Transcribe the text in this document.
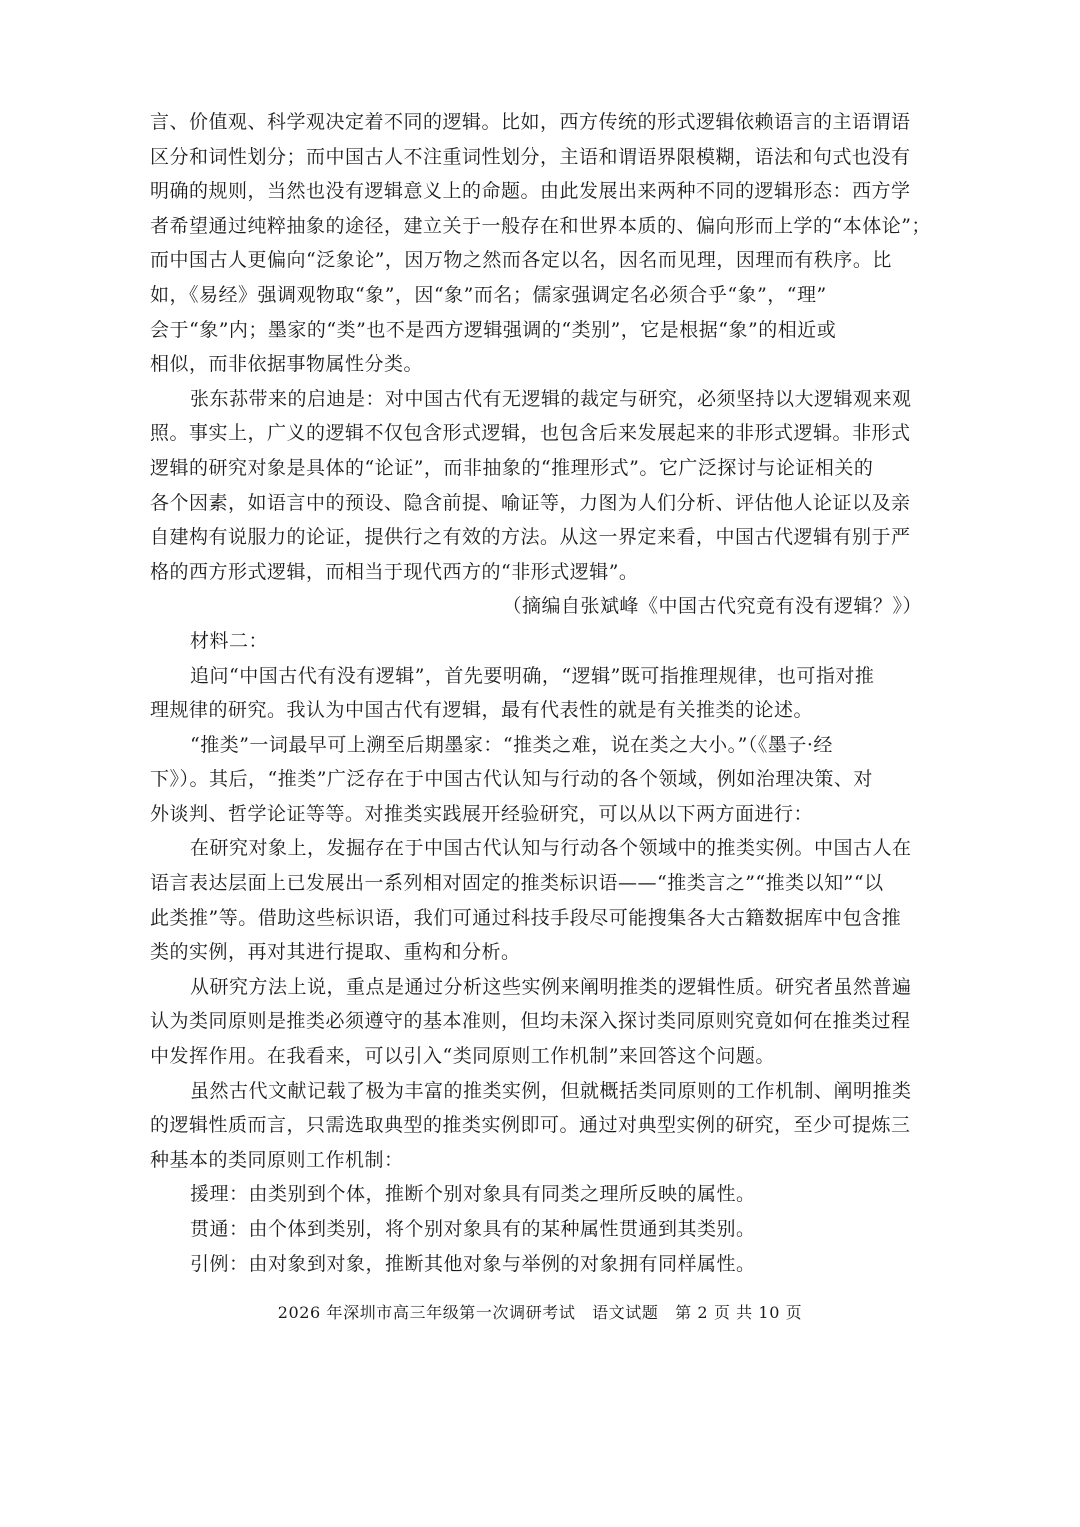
言、价值观、科学观决定着不同的逻辑。比如，西方传统的形式逻辑依赖语言的主语谓语
区分和词性划分；而中国古人不注重词性划分，主语和谓语界限模糊，语法和句式也没有
明确的规则，当然也没有逻辑意义上的命题。由此发展出来两种不同的逻辑形态：西方学
者希望通过纯粹抽象的途径，建立关于一般存在和世界本质的、偏向形而上学的“本体论”；
而中国古人更偏向“泛象论”，因万物之然而各定以名，因名而见理，因理而有秩序。比
如，《易经》强调观物取“象”，因“象”而名；儒家强调定名必须合乎“象”，“理”
会于“象”内；墨家的“类”也不是西方逻辑强调的“类别”，它是根据“象”的相近或
相似，而非依据事物属性分类。
张东荪带来的启迪是：对中国古代有无逻辑的裁定与研究，必须坚持以大逻辑观来观
照。事实上，广义的逻辑不仅包含形式逻辑，也包含后来发展起来的非形式逻辑。非形式
逻辑的研究对象是具体的“论证”，而非抽象的“推理形式”。它广泛探讨与论证相关的
各个因素，如语言中的预设、隐含前提、喻证等，力图为人们分析、评估他人论证以及亲
自建构有说服力的论证，提供行之有效的方法。从这一界定来看，中国古代逻辑有别于严
格的西方形式逻辑，而相当于现代西方的“非形式逻辑”。
（摘编自张斌峰《中国古代究竟有没有逻辑？》）
材料二：
追问“中国古代有没有逻辑”，首先要明确，“逻辑”既可指推理规律，也可指对推
理规律的研究。我认为中国古代有逻辑，最有代表性的就是有关推类的论述。
“推类”一词最早可上溯至后期墨家：“推类之难，说在类之大小。”（《墨子·经
下》）。其后，“推类”广泛存在于中国古代认知与行动的各个领域，例如治理决策、对
外谈判、哲学论证等等。对推类实践展开经验研究，可以从以下两方面进行：
在研究对象上，发掘存在于中国古代认知与行动各个领域中的推类实例。中国古人在
语言表达层面上已发展出一系列相对固定的推类标识语——“推类言之”“推类以知”“以
此类推”等。借助这些标识语，我们可通过科技手段尽可能搜集各大古籍数据库中包含推
类的实例，再对其进行提取、重构和分析。
从研究方法上说，重点是通过分析这些实例来阐明推类的逻辑性质。研究者虽然普遍
认为类同原则是推类必须遵守的基本准则，但均未深入探讨类同原则究竟如何在推类过程
中发挥作用。在我看来，可以引入“类同原则工作机制”来回答这个问题。
虽然古代文献记载了极为丰富的推类实例，但就概括类同原则的工作机制、阐明推类
的逻辑性质而言，只需选取典型的推类实例即可。通过对典型实例的研究，至少可提炼三
种基本的类同原则工作机制：
援理：由类别到个体，推断个别对象具有同类之理所反映的属性。
贯通：由个体到类别，将个别对象具有的某种属性贯通到其类别。
引例：由对象到对象，推断其他对象与举例的对象拥有同样属性。
2026 年深圳市高三年级第一次调研考试　语文试题　第 2 页 共 10 页
